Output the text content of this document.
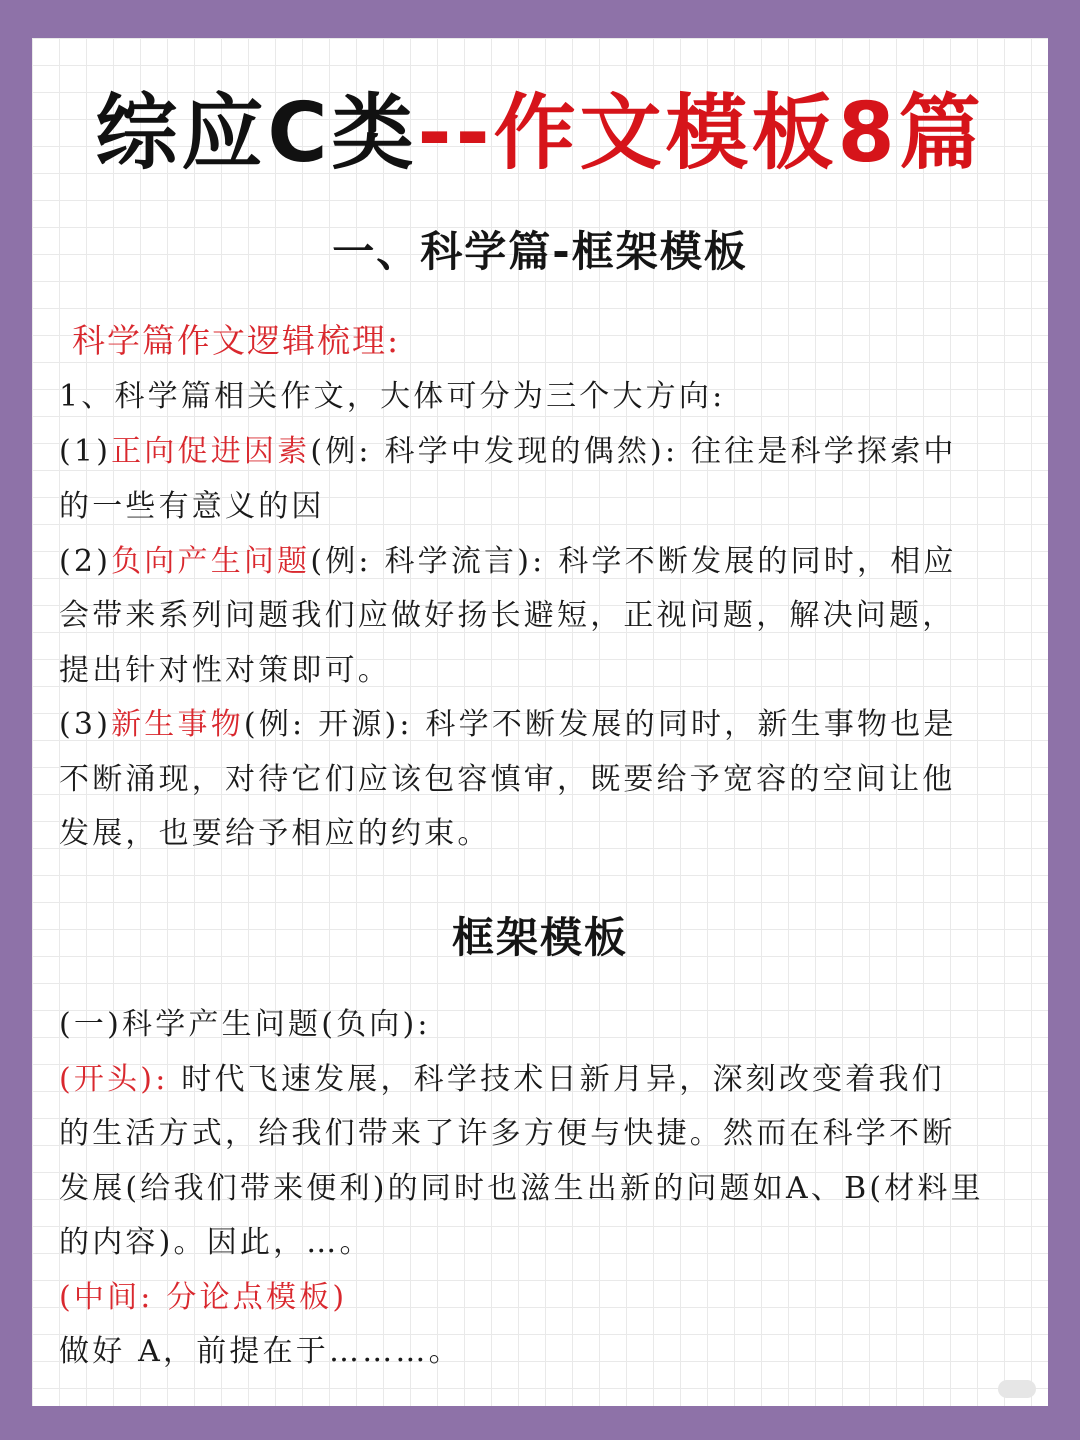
综应C类--作文模板8篇
一、科学篇-框架模板
科学篇作文逻辑梳理:
1、科学篇相关作文，大体可分为三个大方向:
(1)正向促进因素(例: 科学中发现的偶然): 往往是科学探索中
的一些有意义的因
(2)负向产生问题(例: 科学流言): 科学不断发展的同时，相应
会带来系列问题我们应做好扬长避短，正视问题，解决问题，
提出针对性对策即可。
(3)新生事物(例: 开源): 科学不断发展的同时，新生事物也是
不断涌现，对待它们应该包容慎审，既要给予宽容的空间让他
发展，也要给予相应的约束。
框架模板
(一)科学产生问题(负向):
(开头): 时代飞速发展，科学技术日新月异，深刻改变着我们
的生活方式，给我们带来了许多方便与快捷。然而在科学不断
发展(给我们带来便利)的同时也滋生出新的问题如A、B(材料里
的内容)。因此，…。
(中间: 分论点模板)
做好 A，前提在于………。
